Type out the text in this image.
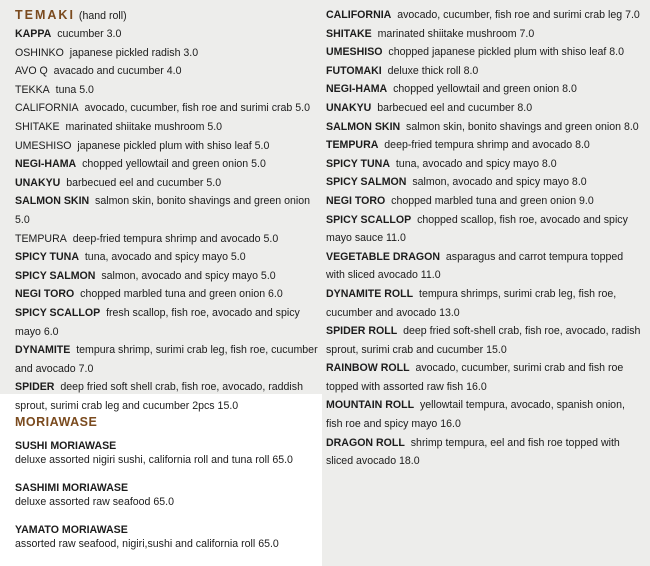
TEMAKI (hand roll)
KAPPA cucumber 3.0
OSHINKO japanese pickled radish 3.0
AVO Q avacado and cucumber 4.0
TEKKA tuna 5.0
CALIFORNIA avocado, cucumber, fish roe and surimi crab 5.0
SHITAKE marinated shiitake mushroom 5.0
UMESHISO japanese pickled plum with shiso leaf 5.0
NEGI-HAMA chopped yellowtail and green onion 5.0
UNAKYU barbecued eel and cucumber 5.0
SALMON SKIN salmon skin, bonito shavings and green onion 5.0
TEMPURA deep-fried tempura shrimp and avocado 5.0
SPICY TUNA tuna, avocado and spicy mayo 5.0
SPICY SALMON salmon, avocado and spicy mayo 5.0
NEGI TORO chopped marbled tuna and green onion 6.0
SPICY SCALLOP fresh scallop, fish roe, avocado and spicy mayo 6.0
DYNAMITE tempura shrimp, surimi crab leg, fish roe, cucumber and avocado 7.0
SPIDER deep fried soft shell crab, fish roe, avocado, raddish sprout, surimi crab leg and cucumber 2pcs 15.0
CALIFORNIA avocado, cucumber, fish roe and surimi crab leg 7.0
SHITAKE marinated shiitake mushroom 7.0
UMESHISO chopped japanese pickled plum with shiso leaf 8.0
FUTOMAKI deluxe thick roll 8.0
NEGI-HAMA chopped yellowtail and green onion 8.0
UNAKYU barbecued eel and cucumber 8.0
SALMON SKIN salmon skin, bonito shavings and green onion 8.0
TEMPURA deep-fried tempura shrimp and avocado 8.0
SPICY TUNA tuna, avocado and spicy mayo 8.0
SPICY SALMON salmon, avocado and spicy mayo 8.0
NEGI TORO chopped marbled tuna and green onion 9.0
SPICY SCALLOP chopped scallop, fish roe, avocado and spicy mayo sauce 11.0
VEGETABLE DRAGON asparagus and carrot tempura topped with sliced avocado 11.0
DYNAMITE ROLL tempura shrimps, surimi crab leg, fish roe, cucumber and avocado 13.0
SPIDER ROLL deep fried soft-shell crab, fish roe, avocado, radish sprout, surimi crab and cucumber 15.0
RAINBOW ROLL avocado, cucumber, surimi crab and fish roe topped with assorted raw fish 16.0
MOUNTAIN ROLL yellowtail tempura, avocado, spanish onion, fish roe and spicy mayo 16.0
DRAGON ROLL shrimp tempura, eel and fish roe topped with sliced avocado 18.0
MORIAWASE
SUSHI MORIAWASE
deluxe assorted nigiri sushi, california roll and tuna roll 65.0
SASHIMI MORIAWASE
deluxe assorted raw seafood 65.0
YAMATO MORIAWASE
assorted raw seafood, nigiri,sushi and california roll 65.0
